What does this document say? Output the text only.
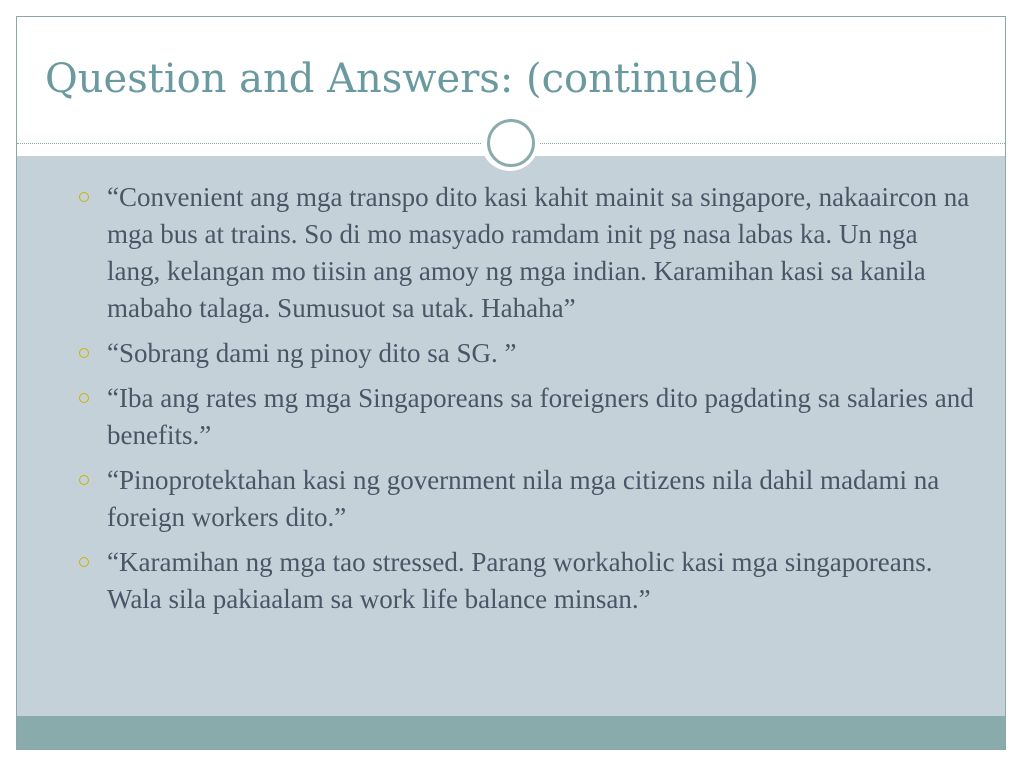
Question and Answers: (continued)
“Convenient ang mga transpo dito kasi kahit mainit sa singapore, nakaaircon na mga bus at trains. So di mo masyado ramdam init pg nasa labas ka. Un nga lang, kelangan mo tiisin ang amoy ng mga indian. Karamihan kasi sa kanila mabaho talaga. Sumusuot sa utak. Hahaha”
“Sobrang dami ng pinoy dito sa SG. ”
“Iba ang rates mg mga Singaporeans sa foreigners dito pagdating sa salaries and benefits.”
“Pinoprotektahan kasi ng government nila mga citizens nila dahil madami na foreign workers dito.”
“Karamihan ng mga tao stressed. Parang workaholic kasi mga singaporeans. Wala sila pakiaalam sa work life balance minsan.”
